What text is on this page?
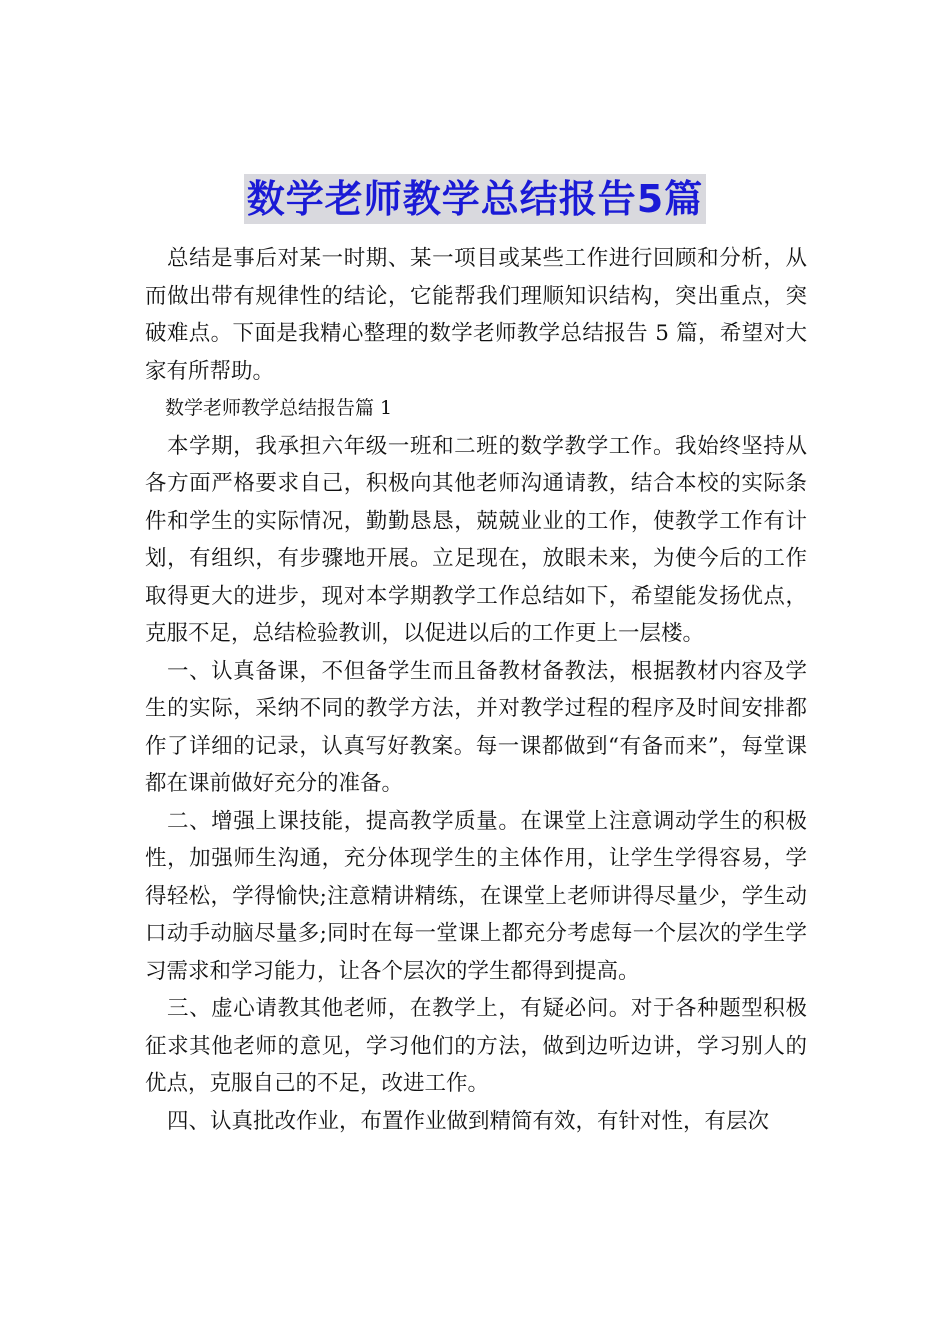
数学老师教学总结报告5篇

总结是事后对某一时期、某一项目或某些工作进行回顾和分析，从而做出带有规律性的结论，它能帮我们理顺知识结构，突出重点，突破难点。下面是我精心整理的数学老师教学总结报告 5 篇，希望对大家有所帮助。

数学老师教学总结报告篇 1

本学期，我承担六年级一班和二班的数学教学工作。我始终坚持从各方面严格要求自己，积极向其他老师沟通请教，结合本校的实际条件和学生的实际情况，勤勤恳恳，兢兢业业的工作，使教学工作有计划，有组织，有步骤地开展。立足现在，放眼未来，为使今后的工作取得更大的进步，现对本学期教学工作总结如下，希望能发扬优点，克服不足，总结检验教训，以促进以后的工作更上一层楼。

一、认真备课，不但备学生而且备教材备教法，根据教材内容及学生的实际，采纳不同的教学方法，并对教学过程的程序及时间安排都作了详细的记录，认真写好教案。每一课都做到“有备而来”，每堂课都在课前做好充分的准备。

二、增强上课技能，提高教学质量。在课堂上注意调动学生的积极性，加强师生沟通，充分体现学生的主体作用，让学生学得容易，学得轻松，学得愉快;注意精讲精练，在课堂上老师讲得尽量少，学生动口动手动脑尽量多;同时在每一堂课上都充分考虑每一个层次的学生学习需求和学习能力，让各个层次的学生都得到提高。

三、虚心请教其他老师，在教学上，有疑必问。对于各种题型积极征求其他老师的意见，学习他们的方法，做到边听边讲，学习别人的优点，克服自己的不足，改进工作。

四、认真批改作业，布置作业做到精简有效，有针对性，有层次
